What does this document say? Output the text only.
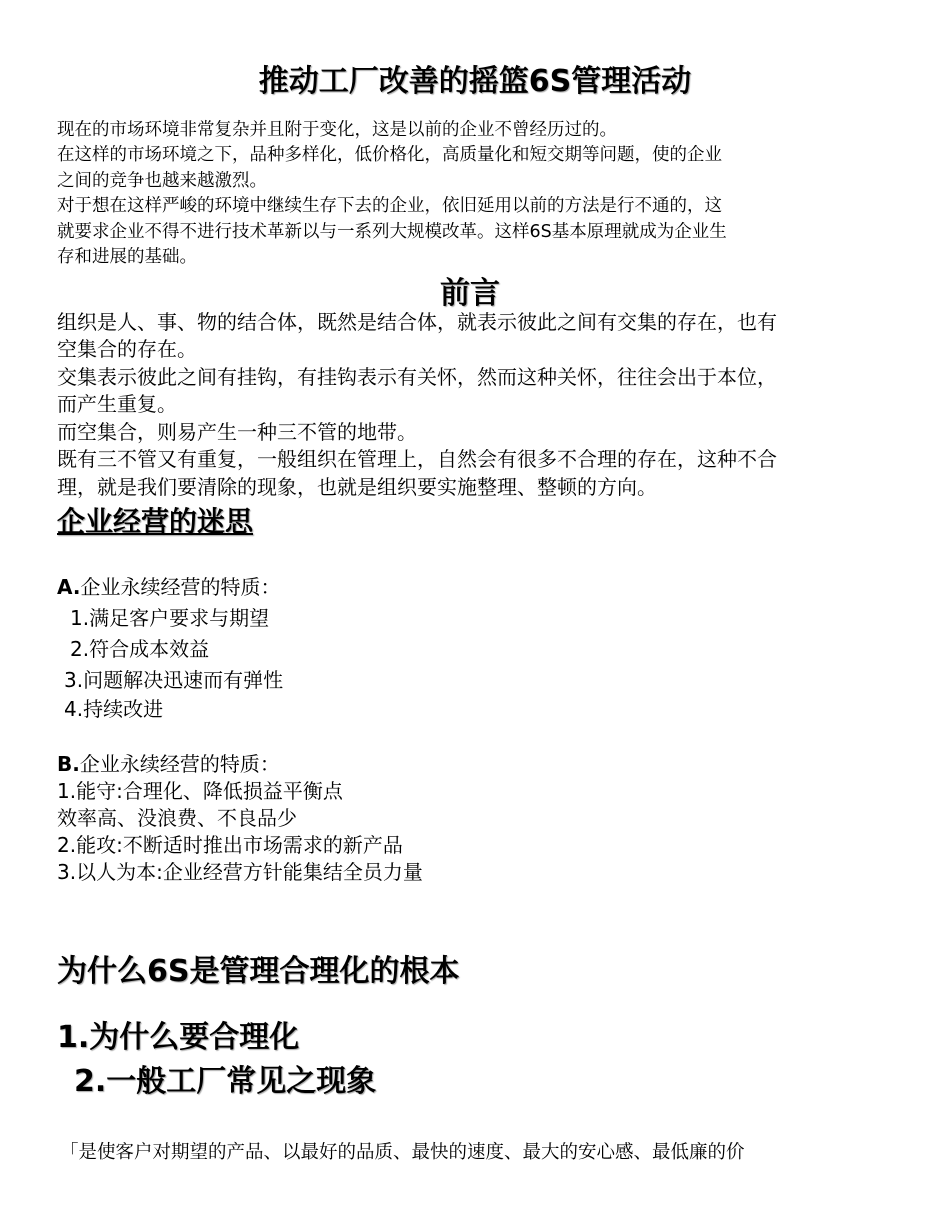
推动工厂改善的摇篮6S管理活动
现在的市场环境非常复杂并且附于变化，这是以前的企业不曾经历过的。
在这样的市场环境之下，品种多样化，低价格化，高质量化和短交期等问题，使的企业
之间的竞争也越来越激烈。
对于想在这样严峻的环境中继续生存下去的企业，依旧延用以前的方法是行不通的，这
就要求企业不得不进行技术革新以与一系列大规模改革。这样6S基本原理就成为企业生
存和进展的基础。
前言
组织是人、事、物的结合体，既然是结合体，就表示彼此之间有交集的存在，也有
空集合的存在。
交集表示彼此之间有挂钩，有挂钩表示有关怀，然而这种关怀，往往会出于本位，
而产生重复。
而空集合，则易产生一种三不管的地带。
既有三不管又有重复，一般组织在管理上，自然会有很多不合理的存在，这种不合
理，就是我们要清除的现象，也就是组织要实施整理、整顿的方向。
企业经营的迷思
A.企业永续经营的特质：
1.满足客户要求与期望
2.符合成本效益
3.问题解决迅速而有弹性
4.持续改进
B.企业永续经营的特质：
1.能守:合理化、降低损益平衡点
效率高、没浪费、不良品少
2.能攻:不断适时推出市场需求的新产品
3.以人为本:企业经营方针能集结全员力量
为什么6S是管理合理化的根本
1.为什么要合理化
2.一般工厂常见之现象
「是使客户对期望的产品、以最好的品质、最快的速度、最大的安心感、最低廉的价
